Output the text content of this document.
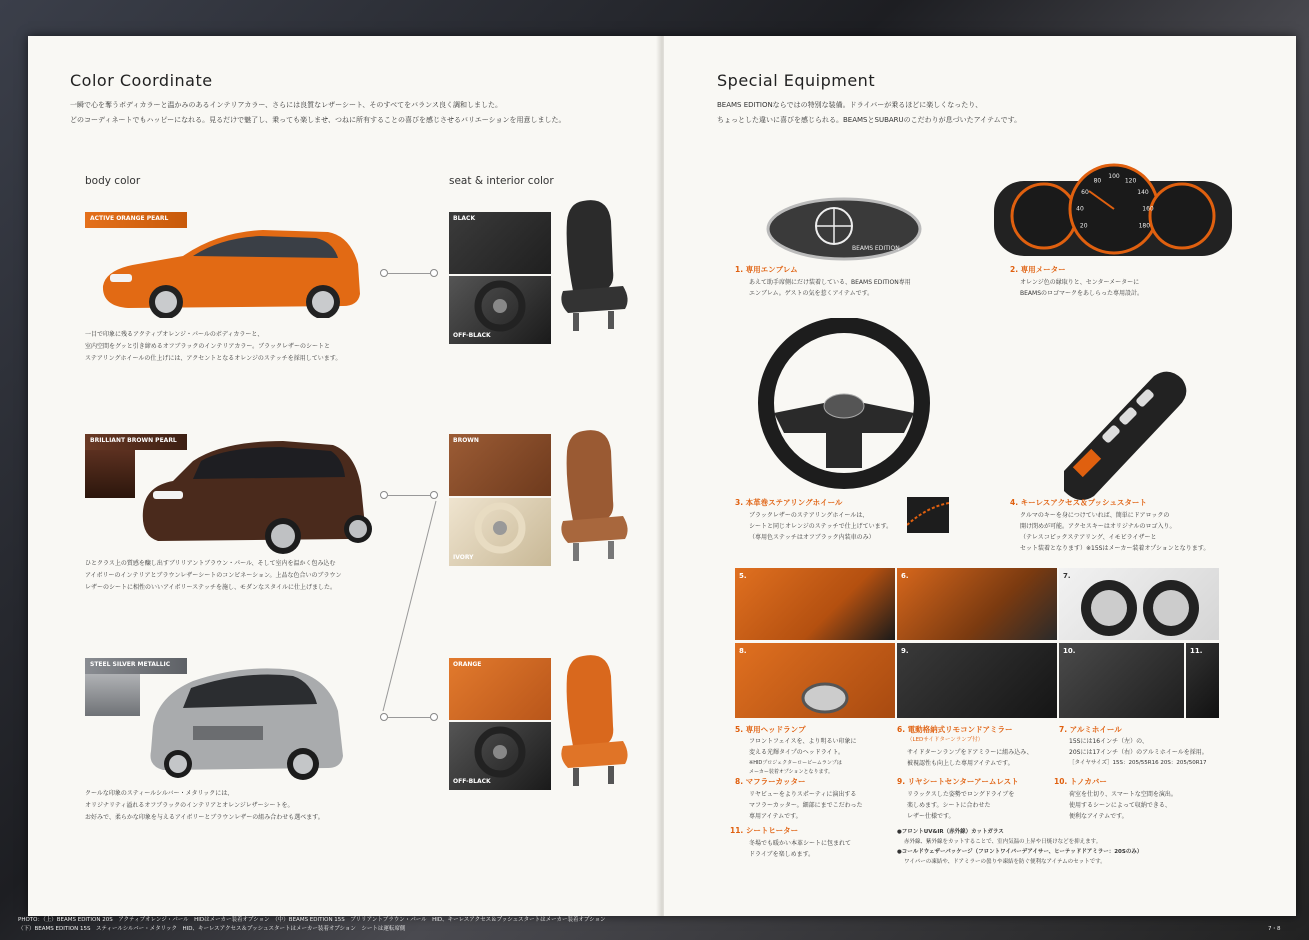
Color Coordinate
一瞬で心を奪うボディカラーと温かみのあるインテリアカラー、さらには良質なレザーシート、そのすべてをバランス良く調和しました。
どのコーディネートでもハッピーになれる。見るだけで魅了し、乗っても楽しませ、つねに所有することの喜びを感じさせるバリエーションを用意しました。
body color	seat & interior color
ACTIVE ORANGE PEARL
一目で印象に残るアクティブオレンジ・パールのボディカラーと、
室内空間をグッと引き締めるオフブラックのインテリアカラー。ブラックレザーのシートと
ステアリングホイールの仕上げには、アクセントとなるオレンジのステッチを採用しています。
BLACK
OFF-BLACK
BRILLIANT BROWN PEARL
ひとクラス上の質感を醸し出すブリリアントブラウン・パール、そして室内を温かく包み込む
アイボリーのインテリアとブラウンレザーシートのコンビネーション。上品な色合いのブラウン
レザーのシートに相性のいいアイボリーステッチを施し、モダンなスタイルに仕上げました。
BROWN
IVORY
STEEL SILVER METALLIC
クールな印象のスティールシルバー・メタリックには、
オリジナリティ溢れるオフブラックのインテリアとオレンジレザーシートを。
お好みで、柔らかな印象を与えるアイボリーとブラウンレザーの組み合わせも選べます。
ORANGE
OFF-BLACK
Special Equipment
BEAMS EDITIONならではの特別な装備。ドライバーが乗るほどに楽しくなったり、
ちょっとした違いに喜びを感じられる。BEAMSとSUBARUのこだわりが息づいたアイテムです。
BEAMS EDITION
1. 専用エンブレム
あえて助手席側にだけ装着している、BEAMS EDITION専用
エンブレム。ゲストの気を惹くアイテムです。
20
40
60
80
100
120
140
160
180
2. 専用メーター
オレンジ色の縁取りと、センターメーターに
BEAMSのロゴマークをあしらった専用設計。
3. 本革巻ステアリングホイール
ブラックレザーのステアリングホイールは、
シートと同じオレンジのステッチで仕上げています。
（専用色ステッチはオフブラック内装車のみ）
4. キーレスアクセス＆プッシュスタート
クルマのキーを身につけていれば、簡単にドアロックの
開け閉めが可能。アクセスキーはオリジナルのロゴ入り。
（テレスコピックステアリング、イモビライザーと
セット装着となります）※15Sはメーカー装着オプションとなります。
5.	6.	7.
8.	9.	10.	11.
5. 専用ヘッドランプ
フロントフェイスを、より明るい印象に
変える光輝タイプのヘッドライト。
※HIDプロジェクターロービームランプは
メーカー装着オプションとなります。
6. 電動格納式リモコンドアミラー
（LEDサイドターンランプ付）
サイドターンランプをドアミラーに組み込み、
被視認性も向上した専用アイテムです。
7. アルミホイール
15Sには16インチ（左）の、
20Sには17インチ（右）のアルミホイールを採用。
［タイヤサイズ］15S：205/55R16 20S：205/50R17
8. マフラーカッター
リヤビューをよりスポーティに演出する
マフラーカッター。細部にまでこだわった
専用アイテムです。
9. リヤシートセンターアームレスト
リラックスした姿勢でロングドライブを
楽しめます。シートに合わせた
レザー仕様です。
10. トノカバー
荷室を仕切り、スマートな空間を演出。
使用するシーンによって収納できる、
便利なアイテムです。
11. シートヒーター
冬場でも暖かい本革シートに包まれて
ドライブを楽しめます。
●フロントUV&IR（赤外線）カットガラス
赤外線、紫外線をカットすることで、室内気温の上昇や日焼けなどを抑えます。
●コールドウェザーパッケージ（フロントワイパーデアイサー、ヒーテッドドアミラー：20Sのみ）
ワイパーの凍結や、ドアミラーの曇りや凍結を防ぐ便利なアイテムのセットです。
PHOTO：（上）BEAMS EDITION 20S　アクティブオレンジ・パール　HIDはメーカー装着オプション　（中）BEAMS EDITION 15S　ブリリアントブラウン・パール　HID、キーレスアクセス＆プッシュスタートはメーカー装着オプション
（下）BEAMS EDITION 15S　スティールシルバー・メタリック　HID、キーレスアクセス＆プッシュスタートはメーカー装着オプション　シートは運転席側	7・8
